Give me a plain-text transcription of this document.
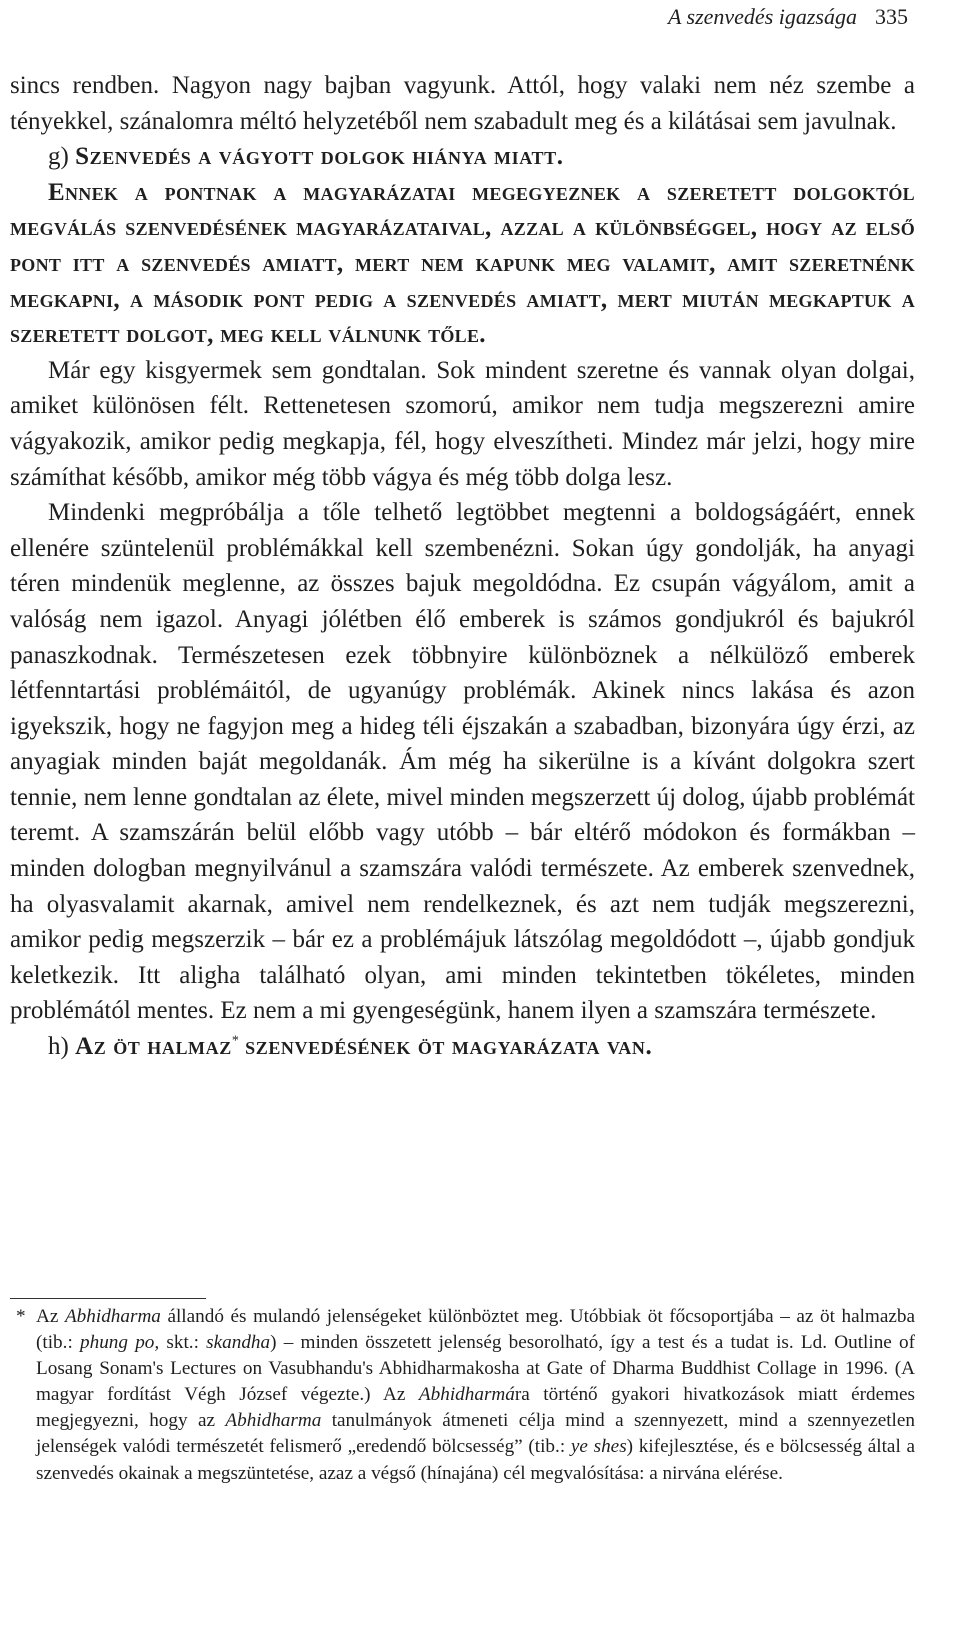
A szenvedés igazsága 335

sincs rendben. Nagyon nagy bajban vagyunk. Attól, hogy valaki nem néz szembe a tényekkel, szánalomra méltó helyzetéből nem szabadult meg és a kilátásai sem javulnak.

g) Szenvedés a vágyott dolgok hiánya miatt.

Ennek a pontnak a magyarázatai megegyeznek a szeretett dolgoktól megválás szenvedésének magyarázataival, azzal a különbséggel, hogy az első pont itt a szenvedés amiatt, mert nem kapunk meg valamit, amit szeretnénk megkapni, a második pont pedig a szenvedés amiatt, mert miután megkaptuk a szeretett dolgot, meg kell válnunk tőle.

Már egy kisgyermek sem gondtalan. Sok mindent szeretne és vannak olyan dolgai, amiket különösen félt. Rettenetesen szomorú, amikor nem tudja megszerezni amire vágyakozik, amikor pedig megkapja, fél, hogy elveszítheti. Mindez már jelzi, hogy mire számíthat később, amikor még több vágya és még több dolga lesz.

Mindenki megpróbálja a tőle telhető legtöbbet megtenni a boldogságáért, ennek ellenére szüntelenül problémákkal kell szembenézni. Sokan úgy gondolják, ha anyagi téren mindenük meglenne, az összes bajuk megoldódna. Ez csupán vágyálom, amit a valóság nem igazol. Anyagi jólétben élő emberek is számos gondjukról és bajukról panaszkodnak. Természetesen ezek többnyire különböznek a nélkülöző emberek létfenntartási problémáitól, de ugyanúgy problémák. Akinek nincs lakása és azon igyekszik, hogy ne fagyjon meg a hideg téli éjszakán a szabadban, bizonyára úgy érzi, az anyagiak minden baját megoldanák. Ám még ha sikerülne is a kívánt dolgokra szert tennie, nem lenne gondtalan az élete, mivel minden megszerzett új dolog, újabb problémát teremt. A szamszárán belül előbb vagy utóbb – bár eltérő módokon és formákban – minden dologban megnyilvánul a szamszára valódi természete. Az emberek szenvednek, ha olyasvalamit akarnak, amivel nem rendelkeznek, és azt nem tudják megszerezni, amikor pedig megszerzik – bár ez a problémájuk látszólag megoldódott –, újabb gondjuk keletkezik. Itt aligha található olyan, ami minden tekintetben tökéletes, minden problémától mentes. Ez nem a mi gyengeségünk, hanem ilyen a szamszára természete.

h) Az öt halmaz* szenvedésének öt magyarázata van.

* Az Abhidharma állandó és mulandó jelenségeket különböztet meg. Utóbbiak öt főcsoportjába – az öt halmazba (tib.: phung po, skt.: skandha) – minden összetett jelenség besorolható, így a test és a tudat is. Ld. Outline of Losang Sonam's Lectures on Vasubhandu's Abhidharmakosha at Gate of Dharma Buddhist Collage in 1996. (A magyar fordítást Végh József végezte.) Az Abhidharmára történő gyakori hivatkozások miatt érdemes megjegyezni, hogy az Abhidharma tanulmányok átmeneti célja mind a szennyezett, mind a szennyezetlen jelenségek valódi természetét felismerő „eredendő bölcsesség” (tib.: ye shes) kifejlesztése, és e bölcsesség által a szenvedés okainak a megszüntetése, azaz a végső (hínajána) cél megvalósítása: a nirvána elérése.
